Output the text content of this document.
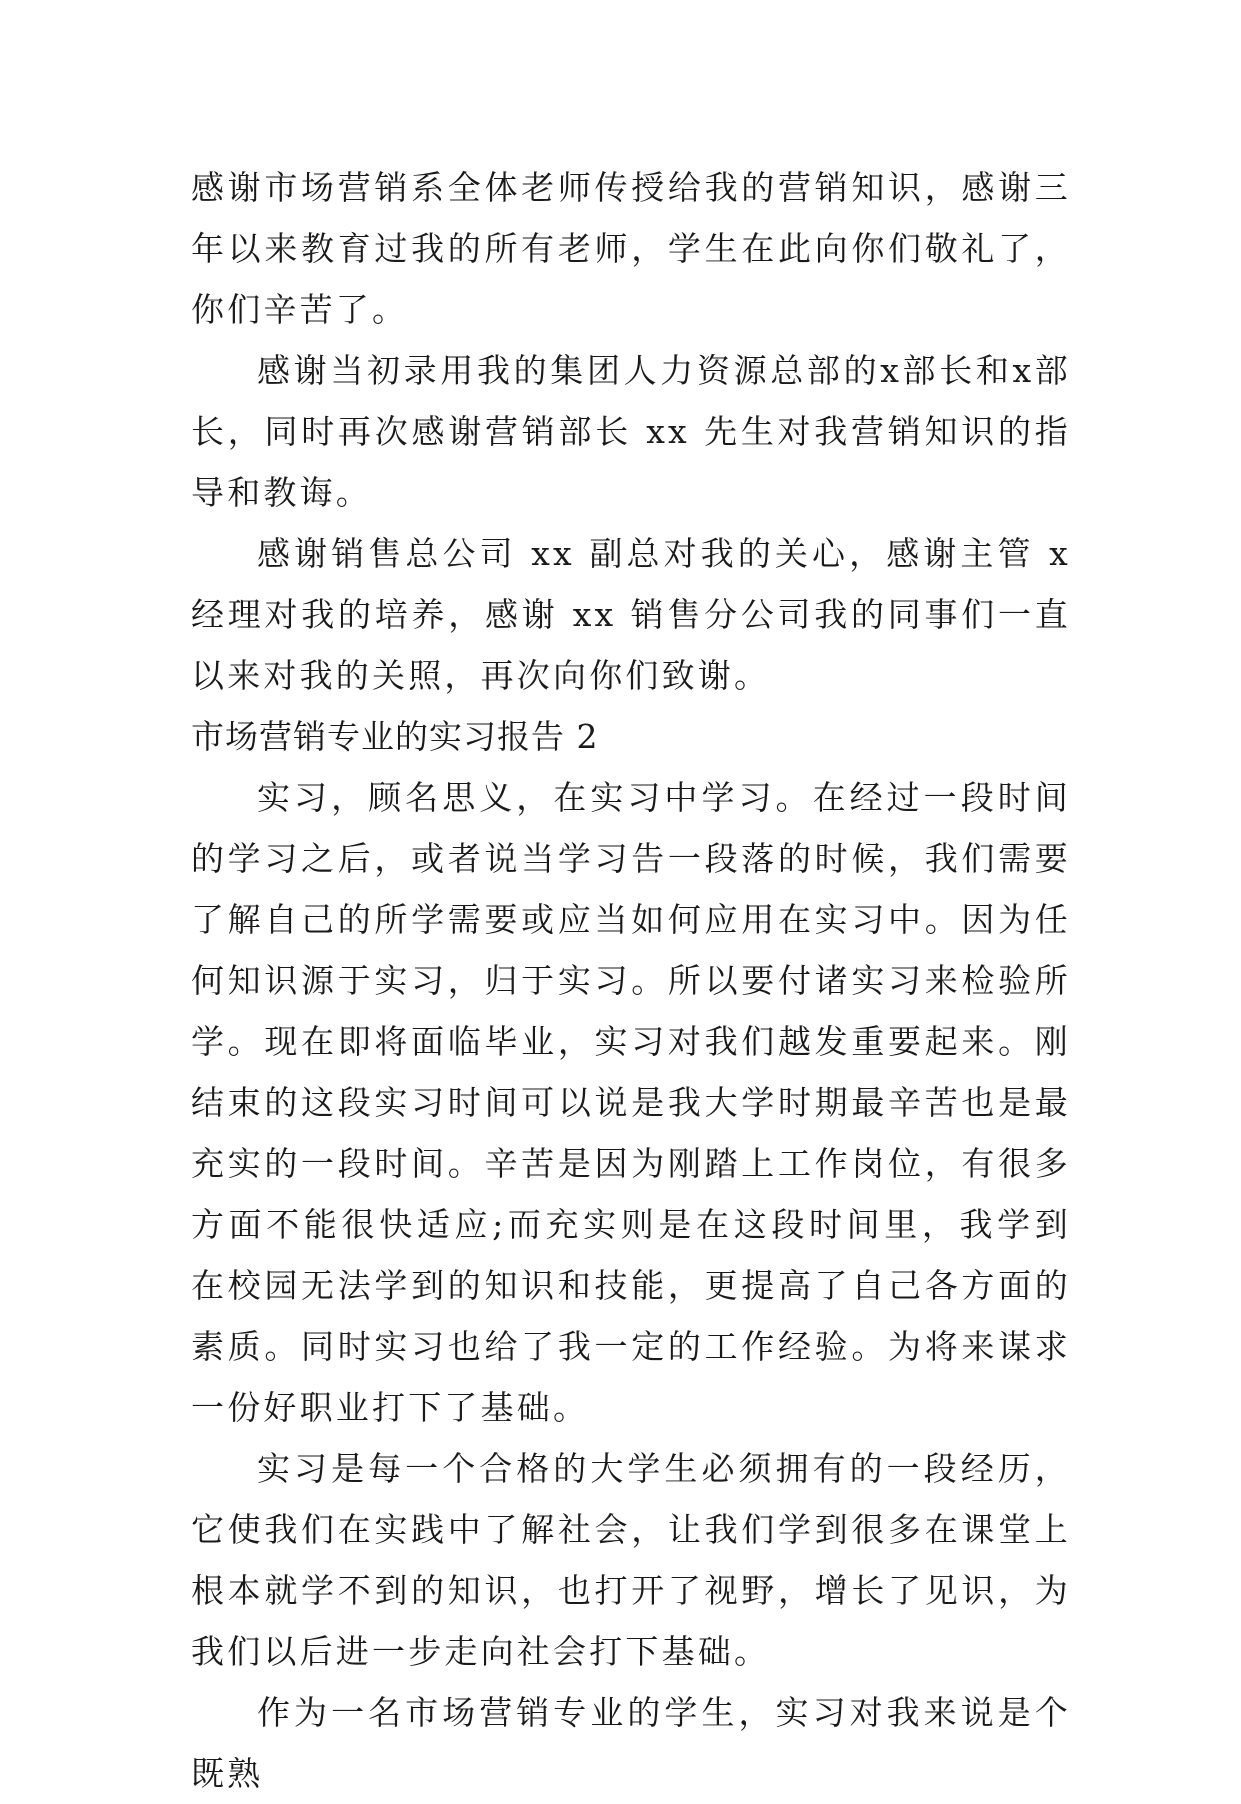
感谢市场营销系全体老师传授给我的营销知识，感谢三年以来教育过我的所有老师，学生在此向你们敬礼了，你们辛苦了。

感谢当初录用我的集团人力资源总部的x部长和x部长，同时再次感谢营销部长 xx 先生对我营销知识的指导和教诲。

感谢销售总公司 xx 副总对我的关心，感谢主管 x 经理对我的培养，感谢 xx 销售分公司我的同事们一直以来对我的关照，再次向你们致谢。

市场营销专业的实习报告 2

实习，顾名思义，在实习中学习。在经过一段时间的学习之后，或者说当学习告一段落的时候，我们需要了解自己的所学需要或应当如何应用在实习中。因为任何知识源于实习，归于实习。所以要付诸实习来检验所学。现在即将面临毕业，实习对我们越发重要起来。刚结束的这段实习时间可以说是我大学时期最辛苦也是最充实的一段时间。辛苦是因为刚踏上工作岗位，有很多方面不能很快适应;而充实则是在这段时间里，我学到在校园无法学到的知识和技能，更提高了自己各方面的素质。同时实习也给了我一定的工作经验。为将来谋求一份好职业打下了基础。

实习是每一个合格的大学生必须拥有的一段经历，它使我们在实践中了解社会，让我们学到很多在课堂上根本就学不到的知识，也打开了视野，增长了见识，为我们以后进一步走向社会打下基础。

作为一名市场营销专业的学生，实习对我来说是个既熟
